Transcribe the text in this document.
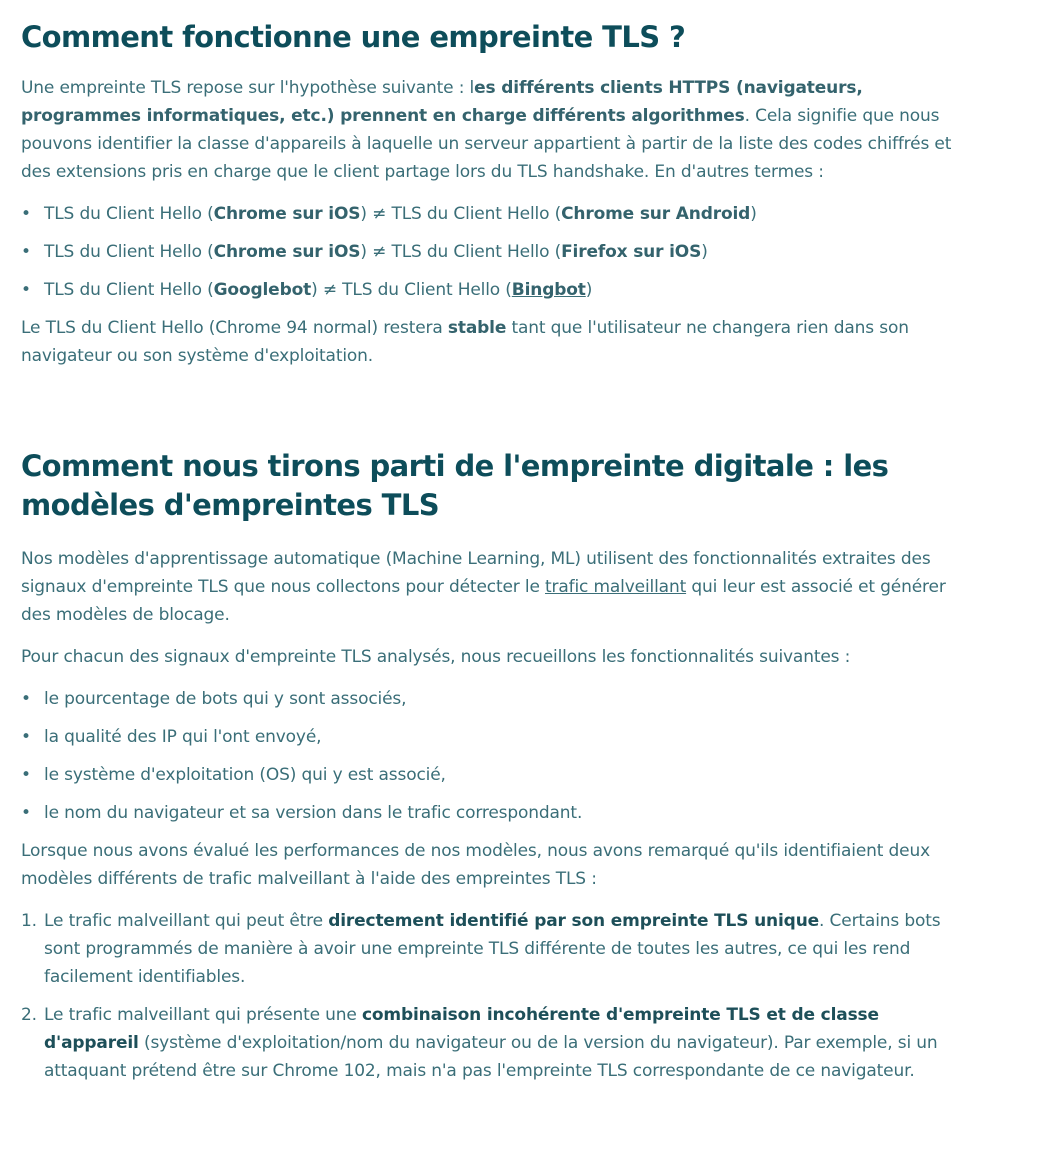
Comment fonctionne une empreinte TLS ?

Une empreinte TLS repose sur l'hypothèse suivante : les différents clients HTTPS (navigateurs, programmes informatiques, etc.) prennent en charge différents algorithmes. Cela signifie que nous pouvons identifier la classe d'appareils à laquelle un serveur appartient à partir de la liste des codes chiffrés et des extensions pris en charge que le client partage lors du TLS handshake. En d'autres termes :

• TLS du Client Hello (Chrome sur iOS) ≠ TLS du Client Hello (Chrome sur Android)
• TLS du Client Hello (Chrome sur iOS) ≠ TLS du Client Hello (Firefox sur iOS)
• TLS du Client Hello (Googlebot) ≠ TLS du Client Hello (Bingbot)

Le TLS du Client Hello (Chrome 94 normal) restera stable tant que l'utilisateur ne changera rien dans son navigateur ou son système d'exploitation.

Comment nous tirons parti de l'empreinte digitale : les modèles d'empreintes TLS

Nos modèles d'apprentissage automatique (Machine Learning, ML) utilisent des fonctionnalités extraites des signaux d'empreinte TLS que nous collectons pour détecter le trafic malveillant qui leur est associé et générer des modèles de blocage.

Pour chacun des signaux d'empreinte TLS analysés, nous recueillons les fonctionnalités suivantes :

• le pourcentage de bots qui y sont associés,
• la qualité des IP qui l'ont envoyé,
• le système d'exploitation (OS) qui y est associé,
• le nom du navigateur et sa version dans le trafic correspondant.

Lorsque nous avons évalué les performances de nos modèles, nous avons remarqué qu'ils identifiaient deux modèles différents de trafic malveillant à l'aide des empreintes TLS :

1. Le trafic malveillant qui peut être directement identifié par son empreinte TLS unique. Certains bots sont programmés de manière à avoir une empreinte TLS différente de toutes les autres, ce qui les rend facilement identifiables.
2. Le trafic malveillant qui présente une combinaison incohérente d'empreinte TLS et de classe d'appareil (système d'exploitation/nom du navigateur ou de la version du navigateur). Par exemple, si un attaquant prétend être sur Chrome 102, mais n'a pas l'empreinte TLS correspondante de ce navigateur.
